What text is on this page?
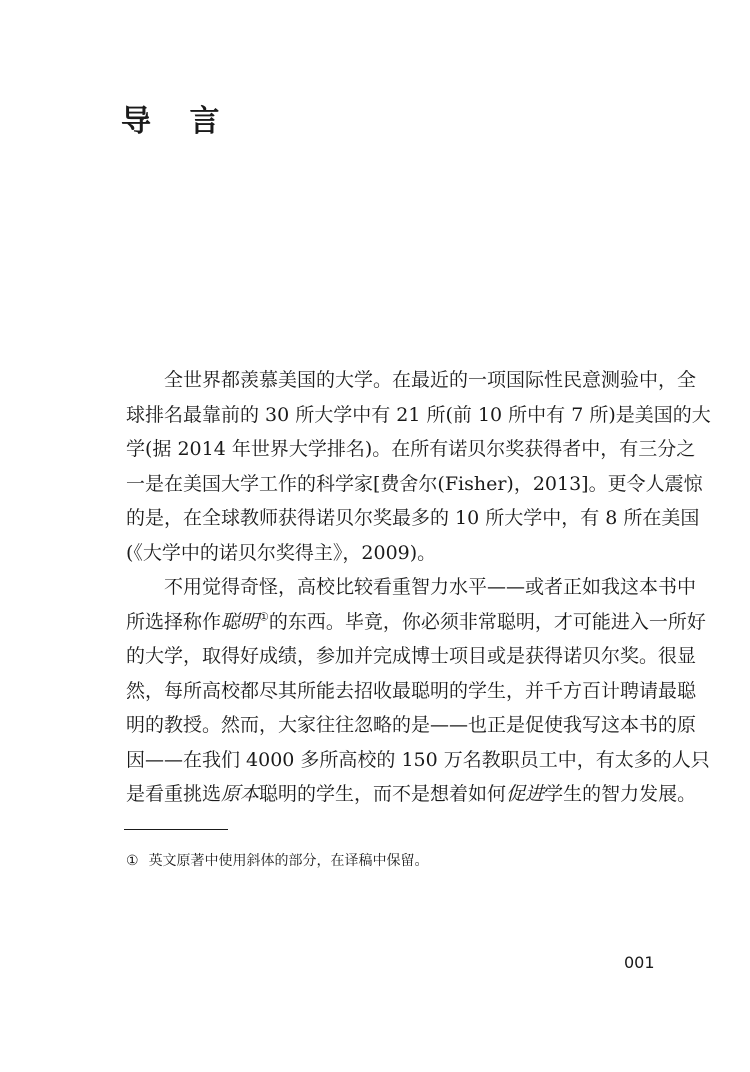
导 言
全世界都羡慕美国的大学。在最近的一项国际性民意测验中，全
球排名最靠前的 30 所大学中有 21 所(前 10 所中有 7 所)是美国的大
学(据 2014 年世界大学排名)。在所有诺贝尔奖获得者中，有三分之
一是在美国大学工作的科学家[费舍尔(Fisher)，2013]。更令人震惊
的是，在全球教师获得诺贝尔奖最多的 10 所大学中，有 8 所在美国
(《大学中的诺贝尔奖得主》，2009)。
不用觉得奇怪，高校比较看重智力水平——或者正如我这本书中
所选择称作聪明①的东西。毕竟，你必须非常聪明，才可能进入一所好
的大学，取得好成绩，参加并完成博士项目或是获得诺贝尔奖。很显
然，每所高校都尽其所能去招收最聪明的学生，并千方百计聘请最聪
明的教授。然而，大家往往忽略的是——也正是促使我写这本书的原
因——在我们 4000 多所高校的 150 万名教职员工中，有太多的人只
是看重挑选原本聪明的学生，而不是想着如何促进学生的智力发展。
① 英文原著中使用斜体的部分，在译稿中保留。
001
